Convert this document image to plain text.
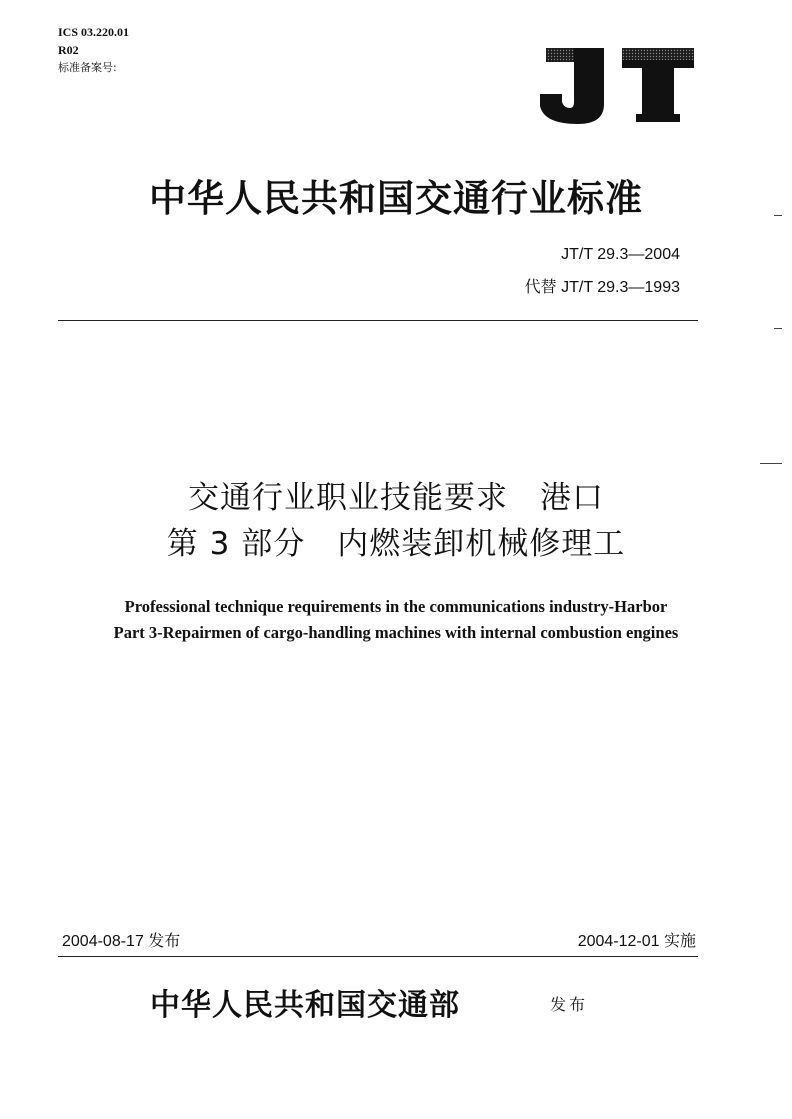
ICS 03.220.01
R02
标准备案号:
中华人民共和国交通行业标准
JT/T 29.3—2004
代替 JT/T 29.3—1993
交通行业职业技能要求　港口
第 3 部分　内燃装卸机械修理工
Professional technique requirements in the communications industry-Harbor
Part 3-Repairmen of cargo-handling machines with internal combustion engines
2004-08-17 发布	2004-12-01 实施
中华人民共和国交通部	发布
